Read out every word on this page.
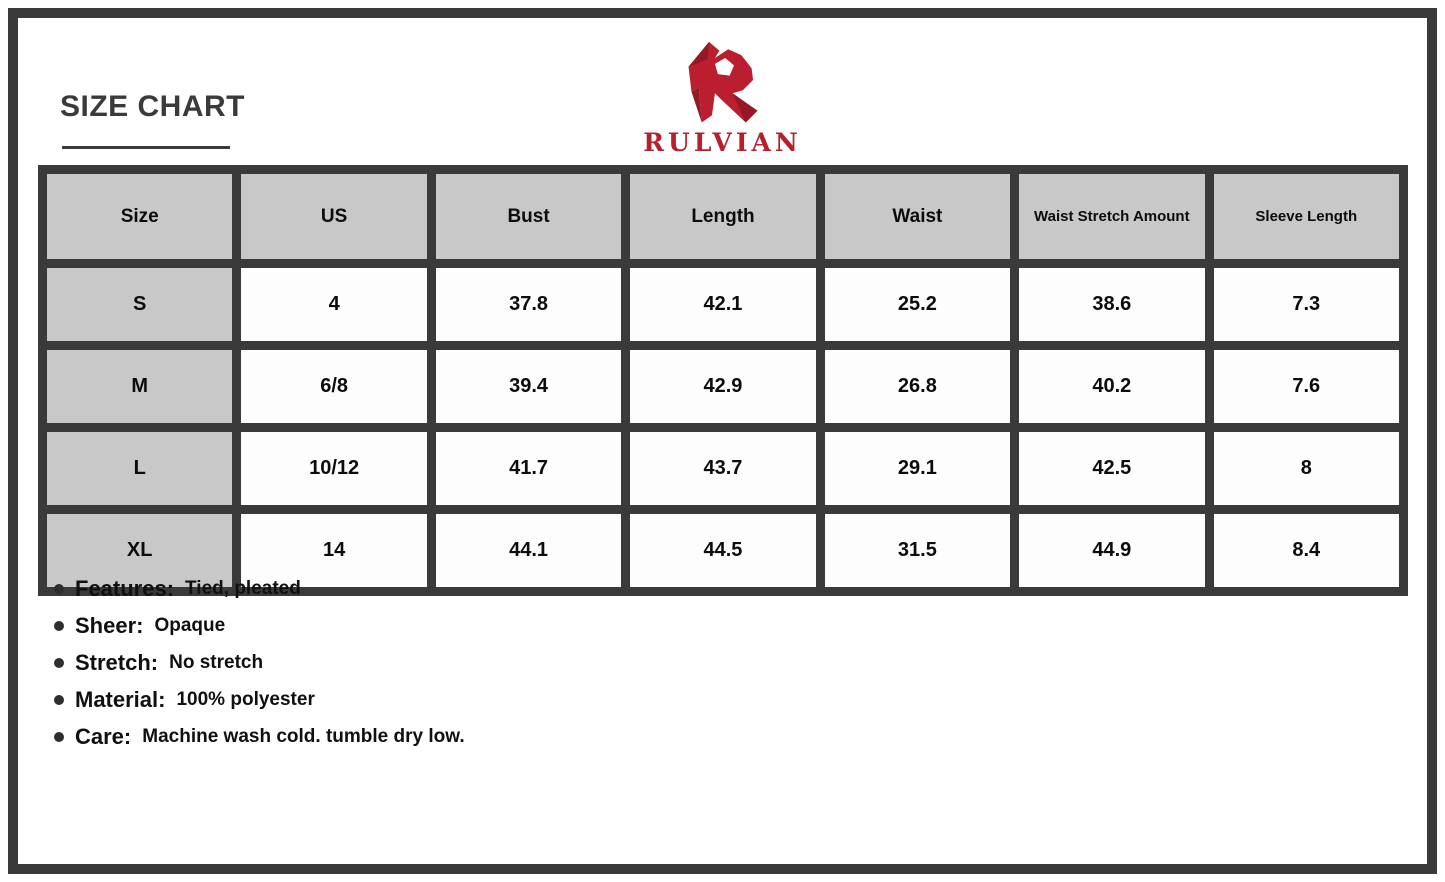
SIZE CHART
RULVIAN
Size	US	Bust	Length	Waist	Waist Stretch Amount	Sleeve Length
S	4	37.8	42.1	25.2	38.6	7.3
M	6/8	39.4	42.9	26.8	40.2	7.6
L	10/12	41.7	43.7	29.1	42.5	8
XL	14	44.1	44.5	31.5	44.9	8.4
Features: Tied, pleated
Sheer: Opaque
Stretch: No stretch
Material: 100% polyester
Care: Machine wash cold. tumble dry low.
